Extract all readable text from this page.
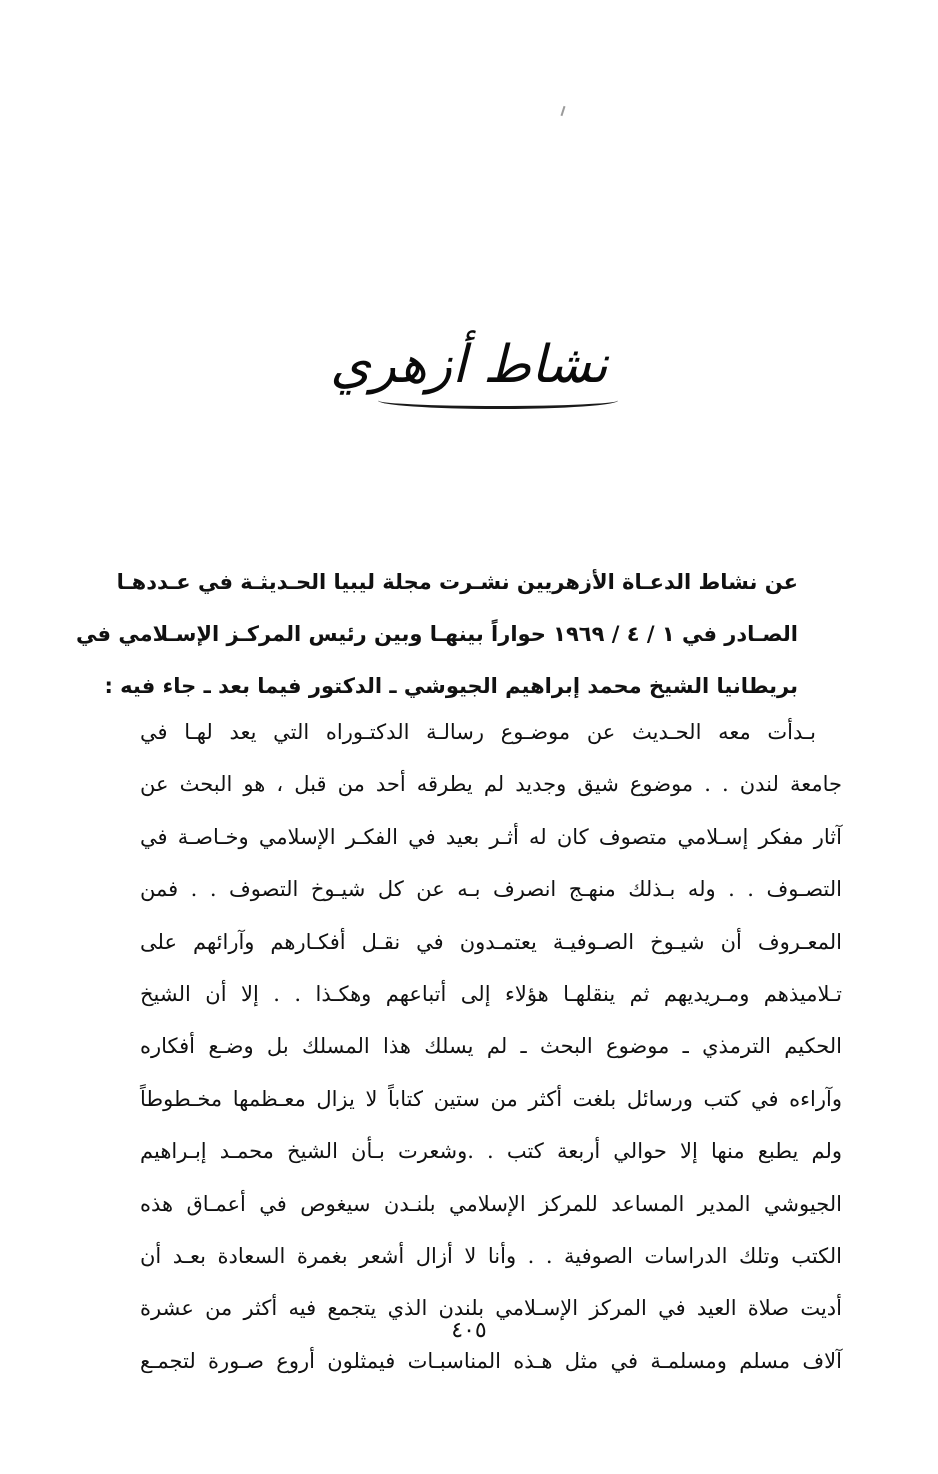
نشاط أزهري
عن نشاط الدعـاة الأزهريين نشـرت مجلة ليبيا الحـديثـة في عـددهـا
الصـادر في ١ / ٤ / ١٩٦٩ حواراً بينهـا وبين رئيس المركـز الإسـلامي في
بريطانيا الشيخ محمد إبراهيم الجيوشي ـ الدكتور فيما بعد ـ جاء فيه :
بـدأت معه الحـديث عن موضـوع رسالـة الدكتـوراه التي يعد لهـا في
جامعة لندن . . موضوع شيق وجديد لم يطرقه أحد من قبل ، هو البحث عن
آثار مفكر إسـلامي متصوف كان له أثـر بعيد في الفكـر الإسلامي وخـاصـة في
التصـوف . . وله بـذلك منهـج انصرف بـه عن كل شيـوخ التصوف . . فمن
المعـروف أن شيـوخ الصـوفيـة يعتمـدون في نقـل أفكـارهم وآرائهم على
تـلاميذهم ومـريديهم ثم ينقلهـا هؤلاء إلى أتباعهم وهكـذا . . إلا أن الشيخ
الحكيم الترمذي ـ موضوع البحث ـ لم يسلك هذا المسلك بل وضـع أفكاره
وآراءه في كتب ورسائل بلغت أكثر من ستين كتاباً لا يزال معـظمها مخـطوطاً
ولم يطبع منها إلا حوالي أربعة كتب . .وشعرت بـأن الشيخ محمـد إبـراهيم
الجيوشي المدير المساعد للمركز الإسلامي بلنـدن سيغوص في أعمـاق هذه
الكتب وتلك الدراسات الصوفية . . وأنا لا أزال أشعر بغمرة السعادة بعـد أن
أديت صلاة العيد في المركز الإسـلامي بلندن الذي يتجمع فيه أكثر من عشرة
آلاف مسلم ومسلمـة في مثل هـذه المناسبـات فيمثلون أروع صـورة لتجمـع
٤٠٥
